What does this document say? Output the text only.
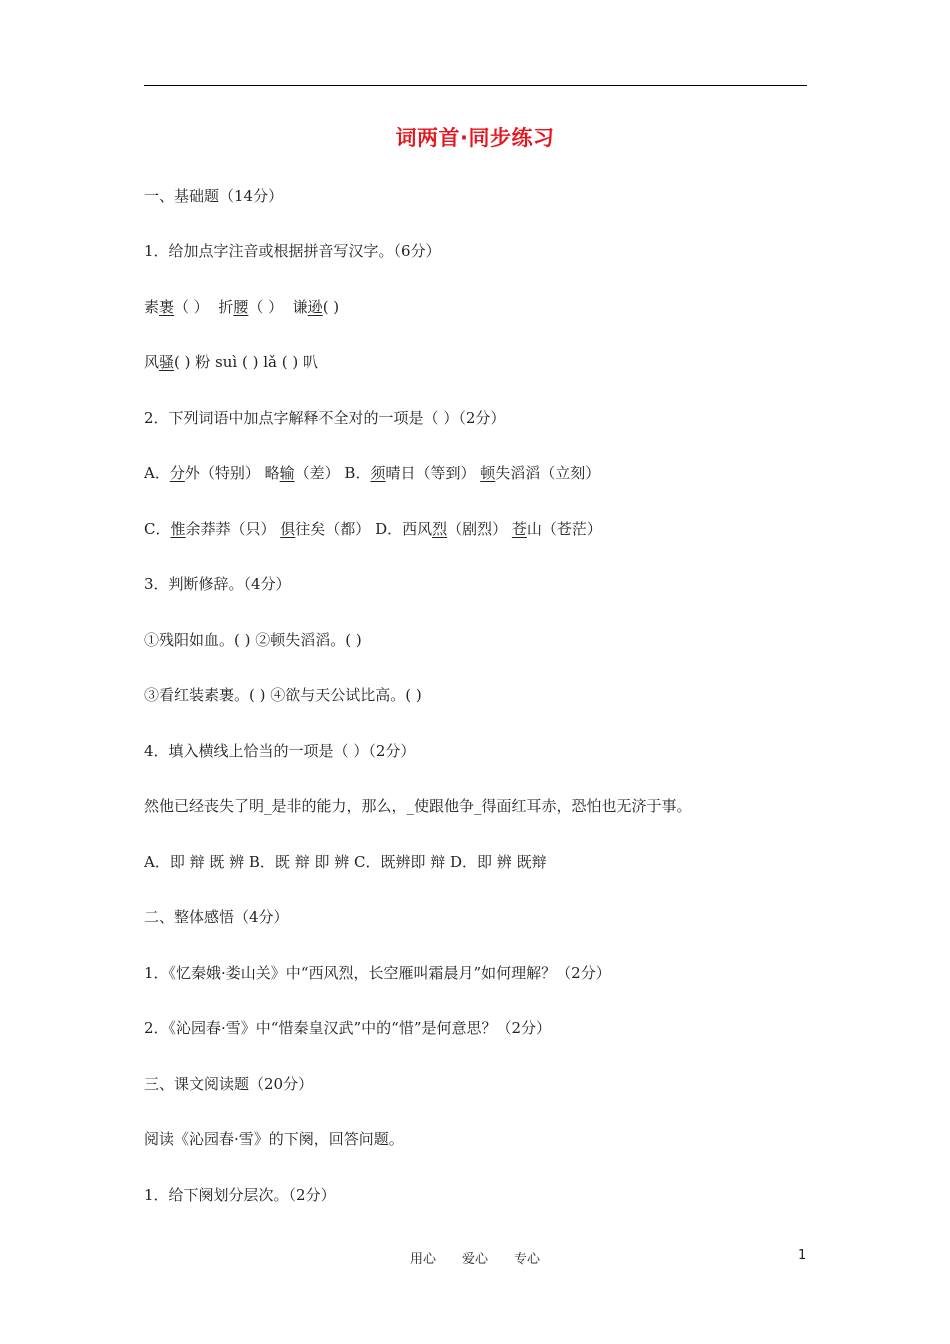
词两首·同步练习
一、基础题（14分）
1．给加点字注音或根据拼音写汉字。（6分）
素裹（ ）  折腰（ ）  谦逊( )
风骚( ) 粉 suì ( ) lǎ ( ) 叭
2．下列词语中加点字解释不全对的一项是（ ）（2分）
A．分外（特别） 略输（差） B．须晴日（等到） 顿失滔滔（立刻）
C．惟余莽莽（只） 俱往矣（都） D．西风烈（剧烈） 苍山（苍茫）
3．判断修辞。（4分）
①残阳如血。( ) ②顿失滔滔。( )
③看红装素裹。( ) ④欲与天公试比高。( )
4．填入横线上恰当的一项是（ ）（2分）
然他已经丧失了明_是非的能力，那么，_使跟他争_得面红耳赤，恐怕也无济于事。
A．即 辩 既 辨 B．既 辩 即 辨 C．既辨即 辩 D．即 辨 既辩
二、整体感悟（4分）
1．《忆秦娥·娄山关》中“西风烈，长空雁叫霜晨月”如何理解？（2分）
2．《沁园春·雪》中“惜秦皇汉武”中的“惜”是何意思？（2分）
三、课文阅读题（20分）
阅读《沁园春·雪》的下阕，回答问题。
1．给下阕划分层次。（2分）
用心　　爱心　　专心	1
